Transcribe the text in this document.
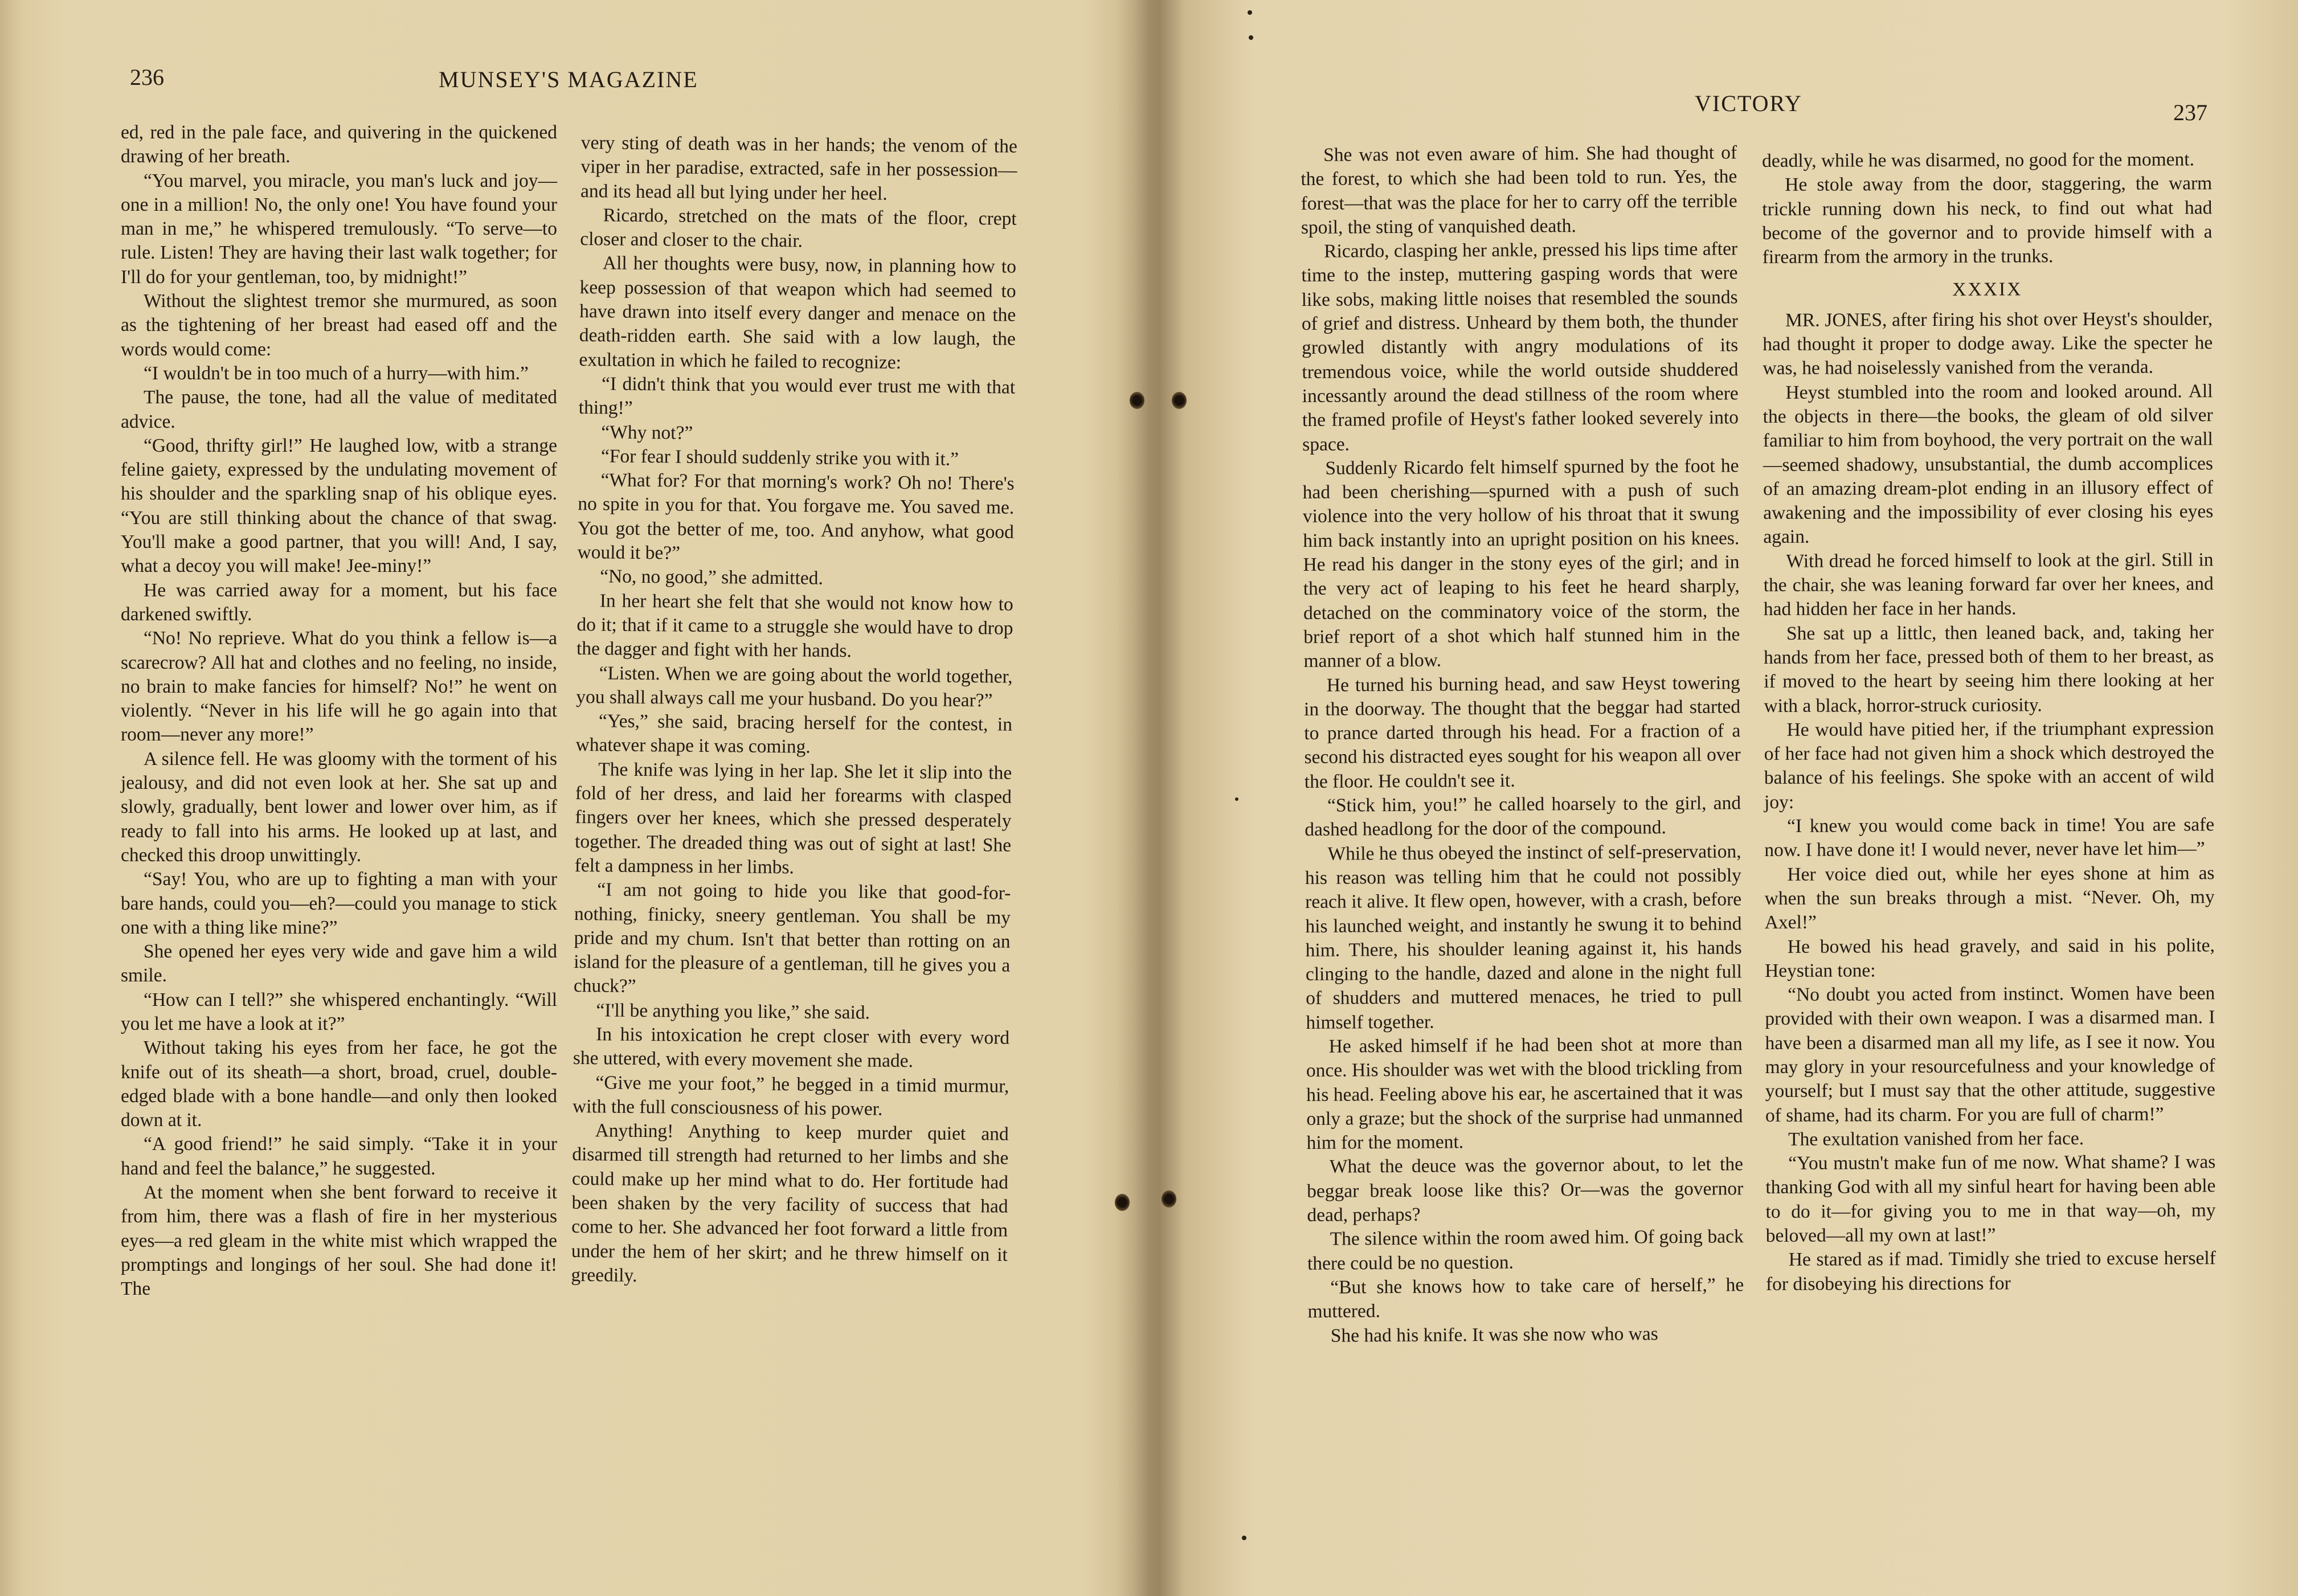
236	MUNSEY'S MAGAZINE

ed, red in the pale face, and quivering in the quickened drawing of her breath.

“You marvel, you miracle, you man's luck and joy—one in a million! No, the only one! You have found your man in me,” he whispered tremulously. “To serve—to rule. Listen! They are having their last walk together; for I'll do for your gentleman, too, by midnight!”

Without the slightest tremor she murmured, as soon as the tightening of her breast had eased off and the words would come:

“I wouldn't be in too much of a hurry—with him.”

The pause, the tone, had all the value of meditated advice.

“Good, thrifty girl!” He laughed low, witb a strange feline gaiety, expressed by the undulating movement of his shoulder and the sparkling snap of his oblique eyes. “You are still thinking about the chance of that swag. You'll make a good partner, that you will! And, I say, what a decoy you will make! Jee-miny!”

He was carried away for a moment, but his face darkened swiftly.

“No! No reprieve. What do you think a fellow is—a scarecrow? All hat and clothes and no feeling, no inside, no brain to make fancies for himself? No!” he went on violently. “Never in his life will he go again into that room—never any more!”

A silence fell. He was gloomy with the torment of his jealousy, and did not even look at her. She sat up and slowly, gradually, bent lower and lower over him, as if ready to fall into his arms. He looked up at last, and checked this droop unwittingly.

“Say! You, who are up to fighting a man with your bare hands, could you—eh?—could you manage to stick one with a thing like mine?”

She opened her eyes very wide and gave him a wild smile.

“How can I tell?” she whispered enchantingly. “Will you let me have a look at it?”

Without taking his eyes from her face, he got the knife out of its sheath—a short, broad, cruel, double-edged blade with a bone handle—and only then looked down at it.

“A good friend!” he said simply. “Take it in your hand and feel the balance,” he suggested.

At the moment when she bent forward to receive it from him, there was a flash of fire in her mysterious eyes—a red gleam in the white mist which wrapped the promptings and longings of her soul. She had done it! The

very sting of death was in her hands; the venom of the viper in her paradise, extracted, safe in her possession—and its head all but lying under her heel.

Ricardo, stretched on the mats of the floor, crept closer and closer to the chair.

All her thoughts were busy, now, in planning how to keep possession of that weapon which had seemed to have drawn into itself every danger and menace on the death-ridden earth. She said with a low laugh, the exultation in which he failed to recognize:

“I didn't think that you would ever trust me with that thing!”

“Why not?”

“For fear I should suddenly strike you with it.”

“What for? For that morning's work? Oh no! There's no spite in you for that. You forgave me. You saved me. You got the better of me, too. And anyhow, what good would it be?”

“No, no good,” she admitted.

In her heart she felt that she would not know how to do it; that if it came to a struggle she would have to drop the dagger and fight with her hands.

“Listen. When we are going about the world together, you shall always call me your husband. Do you hear?”

“Yes,” she said, bracing herself for the contest, in whatever shape it was coming.

The knife was lying in her lap. She let it slip into the fold of her dress, and laid her forearms with clasped fingers over her knees, which she pressed desperately together. The dreaded thing was out of sight at last! She felt a dampness in her limbs.

“I am not going to hide you like that good-for-nothing, finicky, sneery gentleman. You shall be my pride and my chum. Isn't that better than rotting on an island for the pleasure of a gentleman, till he gives you a chuck?”

“I'll be anything you like,” she said.

In his intoxication he crept closer with every word she uttered, with every movement she made.

“Give me your foot,” he begged in a timid murmur, with the full consciousness of his power.

Anything! Anything to keep murder quiet and disarmed till strength had returned to her limbs and she could make up her mind what to do. Her fortitude had been shaken by the very facility of success that had come to her. She advanced her foot forward a little from under the hem of her skirt; and he threw himself on it greedily.

VICTORY	237

She was not even aware of him. She had thought of the forest, to which she had been told to run. Yes, the forest—that was the place for her to carry off the terrible spoil, the sting of vanquished death.

Ricardo, clasping her ankle, pressed his lips time after time to the instep, muttering gasping words that were like sobs, making little noises that resembled the sounds of grief and distress. Unheard by them both, the thunder growled distantly with angry modulations of its tremendous voice, while the world outside shuddered incessantly around the dead stillness of the room where the framed profile of Heyst's father looked severely into space.

Suddenly Ricardo felt himself spurned by the foot he had been cherishing—spurned with a push of such violence into the very hollow of his throat that it swung him back instantly into an upright position on his knees. He read his danger in the stony eyes of the girl; and in the very act of leaping to his feet he heard sharply, detached on the comminatory voice of the storm, the brief report of a shot which half stunned him in the manner of a blow.

He turned his burning head, and saw Heyst towering in the doorway. The thought that the beggar had started to prance darted through his head. For a fraction of a second his distracted eyes sought for his weapon all over the floor. He couldn't see it.

“Stick him, you!” he called hoarsely to the girl, and dashed headlong for the door of the compound.

While he thus obeyed the instinct of self-preservation, his reason was telling him that he could not possibly reach it alive. It flew open, however, with a crash, before his launched weight, and instantly he swung it to behind him. There, his shoulder leaning against it, his hands clinging to the handle, dazed and alone in the night full of shudders and muttered menaces, he tried to pull himself together.

He asked himself if he had been shot at more than once. His shoulder was wet with the blood trickling from his head. Feeling above his ear, he ascertained that it was only a graze; but the shock of the surprise had unmanned him for the moment.

What the deuce was the governor about, to let the beggar break loose like this? Or—was the governor dead, perhaps?

The silence within the room awed him. Of going back there could be no question.

“But she knows how to take care of herself,” he muttered.

She had his knife. It was she now who was

deadly, while he was disarmed, no good for the moment.

He stole away from the door, staggering, the warm trickle running down his neck, to find out what had become of the governor and to provide himself with a firearm from the armory in the trunks.

XXXIX

MR. JONES, after firing his shot over Heyst's shoulder, had thought it proper to dodge away. Like the specter he was, he had noiselessly vanished from the veranda.

Heyst stumbled into the room and looked around. All the objects in there—the books, the gleam of old silver familiar to him from boyhood, the very portrait on the wall—seemed shadowy, unsubstantial, the dumb accomplices of an amazing dream-plot ending in an illusory effect of awakening and the impossibility of ever closing his eyes again.

With dread he forced himself to look at the girl. Still in the chair, she was leaning forward far over her knees, and had hidden her face in her hands.

She sat up a littlc, then leaned back, and, taking her hands from her face, pressed both of them to her breast, as if moved to the heart by seeing him there looking at her with a black, horror-struck curiosity.

He would have pitied her, if the triumphant expression of her face had not given him a shock which destroyed the balance of his feelings. She spoke with an accent of wild joy:

“I knew you would come back in time! You are safe now. I have done it! I would never, never have let him—”

Her voice died out, while her eyes shone at him as when the sun breaks through a mist. “Never. Oh, my Axel!”

He bowed his head gravely, and said in his polite, Heystian tone:

“No doubt you acted from instinct. Women have been provided with their own weapon. I was a disarmed man. I have been a disarmed man all my life, as I see it now. You may glory in your resourcefulness and your knowledge of yourself; but I must say that the other attitude, suggestive of shame, had its charm. For you are full of charm!”

The exultation vanished from her face.

“You mustn't make fun of me now. What shame? I was thanking God with all my sinful heart for having been able to do it—for giving you to me in that way—oh, my beloved—all my own at last!”

He stared as if mad. Timidly she tried to excuse herself for disobeying his directions for
